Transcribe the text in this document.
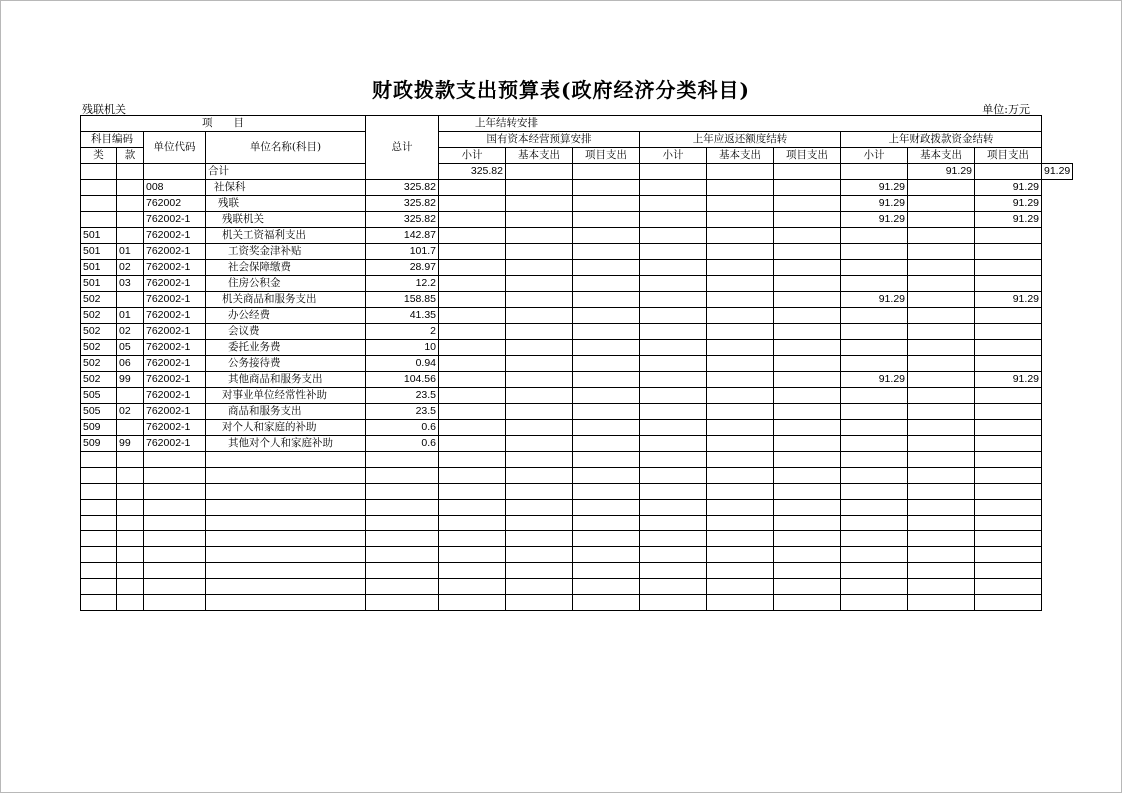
财政拨款支出预算表(政府经济分类科目)
残联机关	单位:万元
项　　目				总计	上年结转安排									
科目编码		单位代码	单位名称(科目)		国有资本经营预算安排			上年应返还额度结转			上年财政拨款资金结转			
类	款				小计	基本支出	项目支出	小计	基本支出	项目支出	小计	基本支出	项目支出	
			合计		325.82							91.29		91.29
		008	社保科	325.82							91.29		91.29	
		762002	残联	325.82							91.29		91.29	
		762002-1	残联机关	325.82							91.29		91.29	
501		762002-1	机关工资福利支出	142.87										
501	01	762002-1	工资奖金津补贴	101.7										
501	02	762002-1	社会保障缴费	28.97										
501	03	762002-1	住房公积金	12.2										
502		762002-1	机关商品和服务支出	158.85							91.29		91.29	
502	01	762002-1	办公经费	41.35										
502	02	762002-1	会议费	2										
502	05	762002-1	委托业务费	10										
502	06	762002-1	公务接待费	0.94										
502	99	762002-1	其他商品和服务支出	104.56							91.29		91.29	
505		762002-1	对事业单位经常性补助	23.5										
505	02	762002-1	商品和服务支出	23.5										
509		762002-1	对个人和家庭的补助	0.6										
509	99	762002-1	其他对个人和家庭补助	0.6										
